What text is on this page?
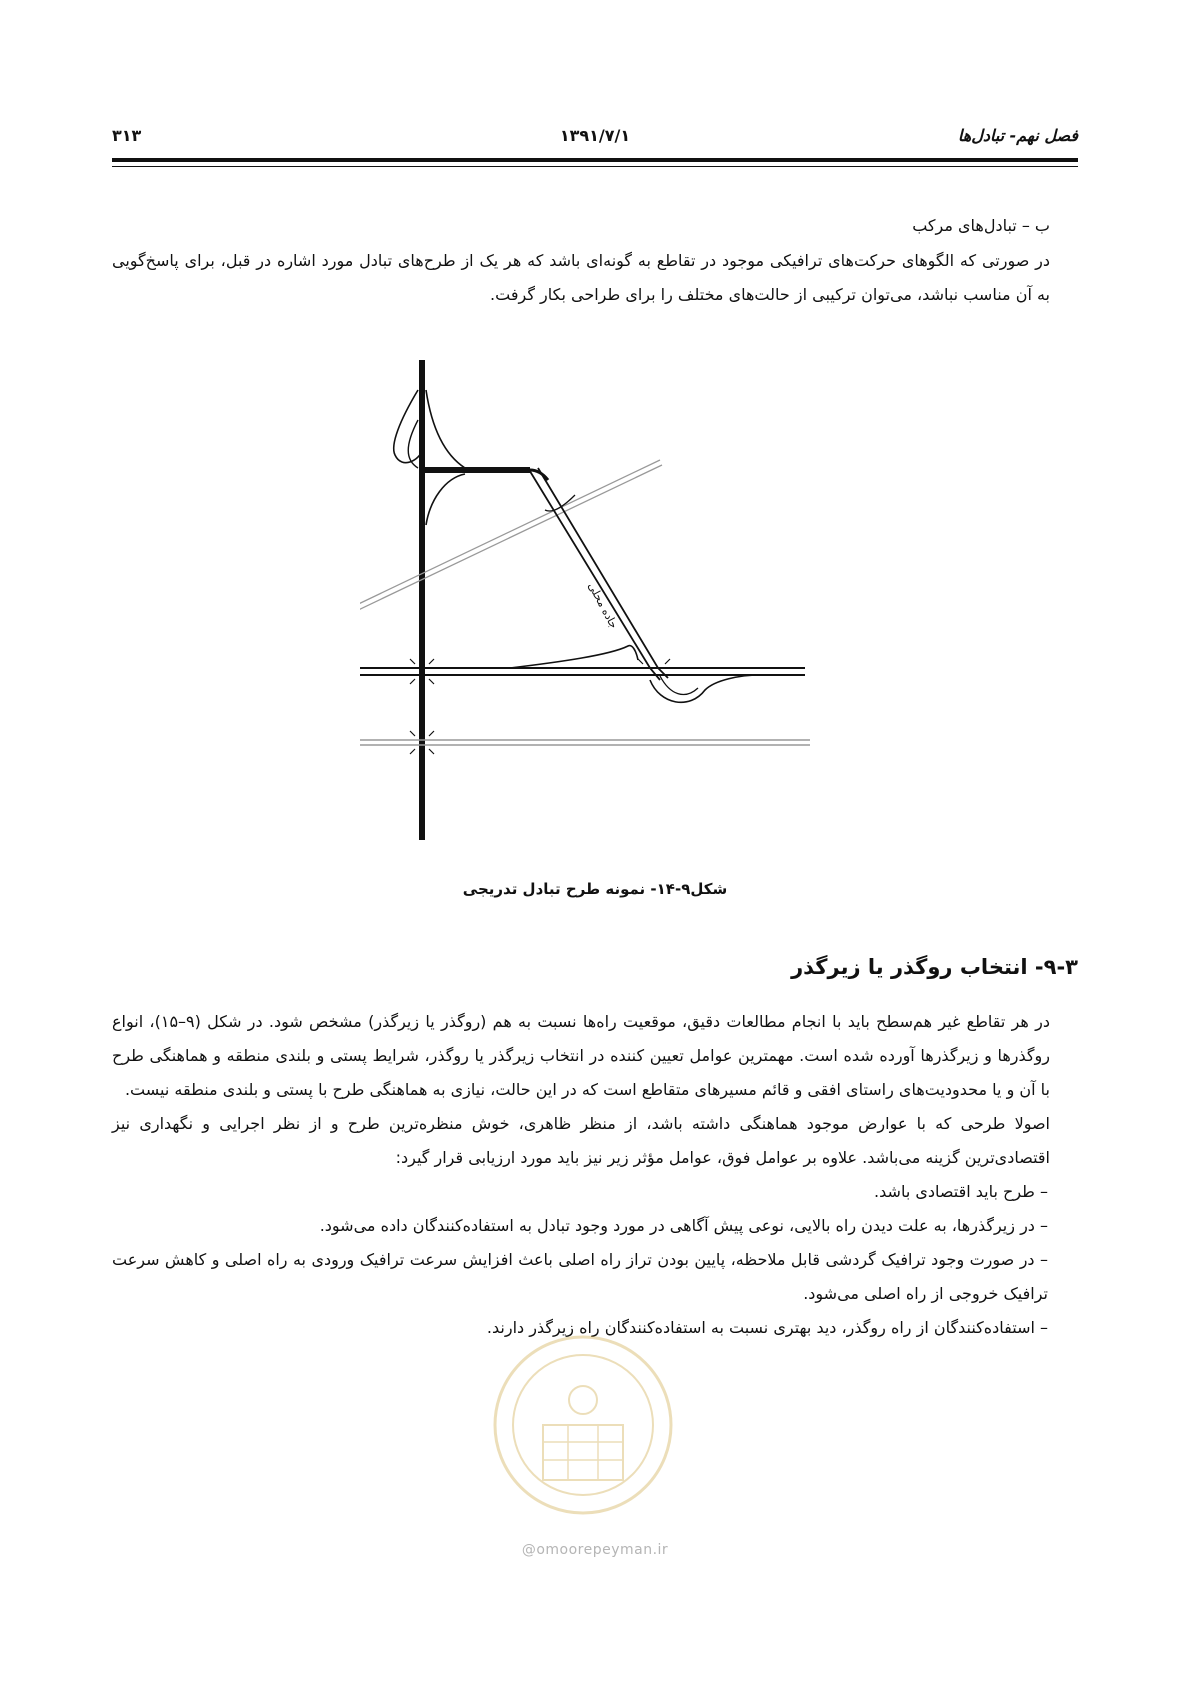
فصل نهم- تبادل‌ها
۱۳۹۱/۷/۱
۳۱۳
ب – تبادل‌های مرکب

در صورتی که الگوهای حرکت‌های ترافیکی موجود در تقاطع به گونه‌ای باشد که هر یک از طرح‌های تبادل مورد اشاره در قبل، برای پاسخ‌گویی به آن مناسب نباشد، می‌توان ترکیبی از حالت‌های مختلف را برای طراحی بکار گرفت.

جاده محلی
شکل۹-۱۴- نمونه طرح تبادل تدریجی
۹-۳- انتخاب روگذر یا زیرگذر

در هر تقاطع غیر هم‌سطح باید با انجام مطالعات دقیق، موقعیت راه‌ها نسبت به هم (روگذر یا زیرگذر) مشخص شود. در شکل (۹–۱۵)، انواع روگذرها و زیرگذرها آورده شده است. مهمترین عوامل تعیین کننده در انتخاب زیرگذر یا روگذر، شرایط پستی و بلندی منطقه و هماهنگی طرح با آن و یا محدودیت‌های راستای افقی و قائم مسیرهای متقاطع است که در این حالت، نیازی به هماهنگی طرح با پستی و بلندی منطقه نیست.

اصولا طرحی که با عوارض موجود هماهنگی داشته باشد، از منظر ظاهری، خوش منظره‌ترین طرح و از نظر اجرایی و نگهداری نیز اقتصادی‌ترین گزینه می‌باشد. علاوه بر عوامل فوق، عوامل مؤثر زیر نیز باید مورد ارزیابی قرار گیرد:

– طرح باید اقتصادی باشد.

– در زیرگذرها، به علت دیدن راه بالایی، نوعی پیش آگاهی در مورد وجود تبادل به استفاده‌کنندگان داده می‌شود.

– در صورت وجود ترافیک گردشی قابل ملاحظه، پایین بودن تراز راه اصلی باعث افزایش سرعت ترافیک ورودی به راه اصلی و کاهش سرعت ترافیک خروجی از راه اصلی می‌شود.

– استفاده‌کنندگان از راه روگذر، دید بهتری نسبت به استفاده‌کنندگان راه زیرگذر دارند.

@omoorepeyman.ir
